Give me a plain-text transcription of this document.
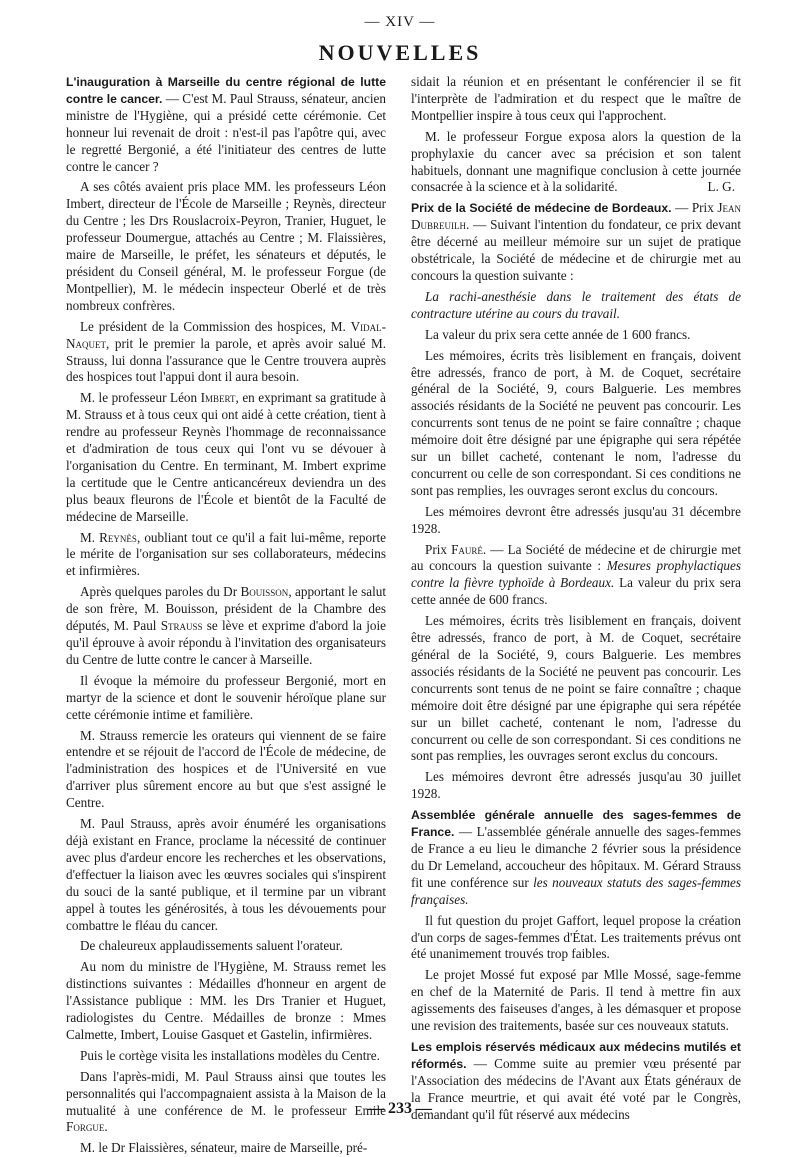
— XIV —
NOUVELLES

L'inauguration à Marseille du centre régional de lutte contre le cancer. — C'est M. Paul Strauss, sénateur, ancien ministre de l'Hygiène, qui a présidé cette cérémonie. Cet honneur lui revenait de droit : n'est-il pas l'apôtre qui, avec le regretté Bergonié, a été l'initiateur des centres de lutte contre le cancer ?

A ses côtés avaient pris place MM. les professeurs Léon Imbert, directeur de l'École de Marseille ; Reynès, directeur du Centre ; les Drs Rouslacroix-Peyron, Tranier, Huguet, le professeur Doumergue, attachés au Centre ; M. Flaissières, maire de Marseille, le préfet, les sénateurs et députés, le président du Conseil général, M. le professeur Forgue (de Montpellier), M. le médecin inspecteur Oberlé et de très nombreux confrères.

Le président de la Commission des hospices, M. Vidal-Naquet, prit le premier la parole, et après avoir salué M. Strauss, lui donna l'assurance que le Centre trouvera auprès des hospices tout l'appui dont il aura besoin.

M. le professeur Léon Imbert, en exprimant sa gratitude à M. Strauss et à tous ceux qui ont aidé à cette création, tient à rendre au professeur Reynès l'hommage de reconnaissance et d'admiration de tous ceux qui l'ont vu se dévouer à l'organisation du Centre. En terminant, M. Imbert exprime la certitude que le Centre anticancéreux deviendra un des plus beaux fleurons de l'École et bientôt de la Faculté de médecine de Marseille.

M. Reynès, oubliant tout ce qu'il a fait lui-même, reporte le mérite de l'organisation sur ses collaborateurs, médecins et infirmières.

Après quelques paroles du Dr Bouisson, apportant le salut de son frère, M. Bouisson, président de la Chambre des députés, M. Paul Strauss se lève et exprime d'abord la joie qu'il éprouve à avoir répondu à l'invitation des organisateurs du Centre de lutte contre le cancer à Marseille.

Il évoque la mémoire du professeur Bergonié, mort en martyr de la science et dont le souvenir héroïque plane sur cette cérémonie intime et familière.

M. Strauss remercie les orateurs qui viennent de se faire entendre et se réjouit de l'accord de l'École de médecine, de l'administration des hospices et de l'Université en vue d'arriver plus sûrement encore au but que s'est assigné le Centre.

M. Paul Strauss, après avoir énuméré les organisations déjà existant en France, proclame la nécessité de continuer avec plus d'ardeur encore les recherches et les observations, d'effectuer la liaison avec les œuvres sociales qui s'inspirent du souci de la santé publique, et il termine par un vibrant appel à toutes les générosités, à tous les dévouements pour combattre le fléau du cancer.

De chaleureux applaudissements saluent l'orateur.

Au nom du ministre de l'Hygiène, M. Strauss remet les distinctions suivantes : Médailles d'honneur en argent de l'Assistance publique : MM. les Drs Tranier et Huguet, radiologistes du Centre. Médailles de bronze : Mmes Calmette, Imbert, Louise Gasquet et Gastelin, infirmières.

Puis le cortège visita les installations modèles du Centre.

Dans l'après-midi, M. Paul Strauss ainsi que toutes les personnalités qui l'accompagnaient assista à la Maison de la mutualité à une conférence de M. le professeur Emile Forgue.

M. le Dr Flaissières, sénateur, maire de Marseille, pré-

sidait la réunion et en présentant le conférencier il se fit l'interprète de l'admiration et du respect que le maître de Montpellier inspire à tous ceux qui l'approchent.

M. le professeur Forgue exposa alors la question de la prophylaxie du cancer avec sa précision et son talent habituels, donnant une magnifique conclusion à cette journée consacrée à la science et à la solidarité.	L. G.

Prix de la Société de médecine de Bordeaux. — Prix Jean Dubreuilh. — Suivant l'intention du fondateur, ce prix devant être décerné au meilleur mémoire sur un sujet de pratique obstétricale, la Société de médecine et de chirurgie met au concours la question suivante :

La rachi-anesthésie dans le traitement des états de contracture utérine au cours du travail.

La valeur du prix sera cette année de 1 600 francs.

Les mémoires, écrits très lisiblement en français, doivent être adressés, franco de port, à M. de Coquet, secrétaire général de la Société, 9, cours Balguerie. Les membres associés résidants de la Société ne peuvent pas concourir. Les concurrents sont tenus de ne point se faire connaître ; chaque mémoire doit être désigné par une épigraphe qui sera répétée sur un billet cacheté, contenant le nom, l'adresse du concurrent ou celle de son correspondant. Si ces conditions ne sont pas remplies, les ouvrages seront exclus du concours.

Les mémoires devront être adressés jusqu'au 31 décembre 1928.

Prix Fauré. — La Société de médecine et de chirurgie met au concours la question suivante : Mesures prophylactiques contre la fièvre typhoïde à Bordeaux. La valeur du prix sera cette année de 600 francs.

Les mémoires, écrits très lisiblement en français, doivent être adressés, franco de port, à M. de Coquet, secrétaire général de la Société, 9, cours Balguerie. Les membres associés résidants de la Société ne peuvent pas concourir. Les concurrents sont tenus de ne point se faire connaître ; chaque mémoire doit être désigné par une épigraphe qui sera répétée sur un billet cacheté, contenant le nom, l'adresse du concurrent ou celle de son correspondant. Si ces conditions ne sont pas remplies, les ouvrages seront exclus du concours.

Les mémoires devront être adressés jusqu'au 30 juillet 1928.

Assemblée générale annuelle des sages-femmes de France. — L'assemblée générale annuelle des sages-femmes de France a eu lieu le dimanche 2 février sous la présidence du Dr Lemeland, accoucheur des hôpitaux. M. Gérard Strauss fit une conférence sur les nouveaux statuts des sages-femmes françaises.

Il fut question du projet Gaffort, lequel propose la création d'un corps de sages-femmes d'État. Les traitements prévus ont été unanimement trouvés trop faibles.

Le projet Mossé fut exposé par Mlle Mossé, sage-femme en chef de la Maternité de Paris. Il tend à mettre fin aux agissements des faiseuses d'anges, à les démasquer et propose une revision des traitements, basée sur ces nouveaux statuts.

Les emplois réservés médicaux aux médecins mutilés et réformés. — Comme suite au premier vœu présenté par l'Association des médecins de l'Avant aux États généraux de la France meurtrie, et qui avait été voté par le Congrès, demandant qu'il fût réservé aux médecins

— 233 —
